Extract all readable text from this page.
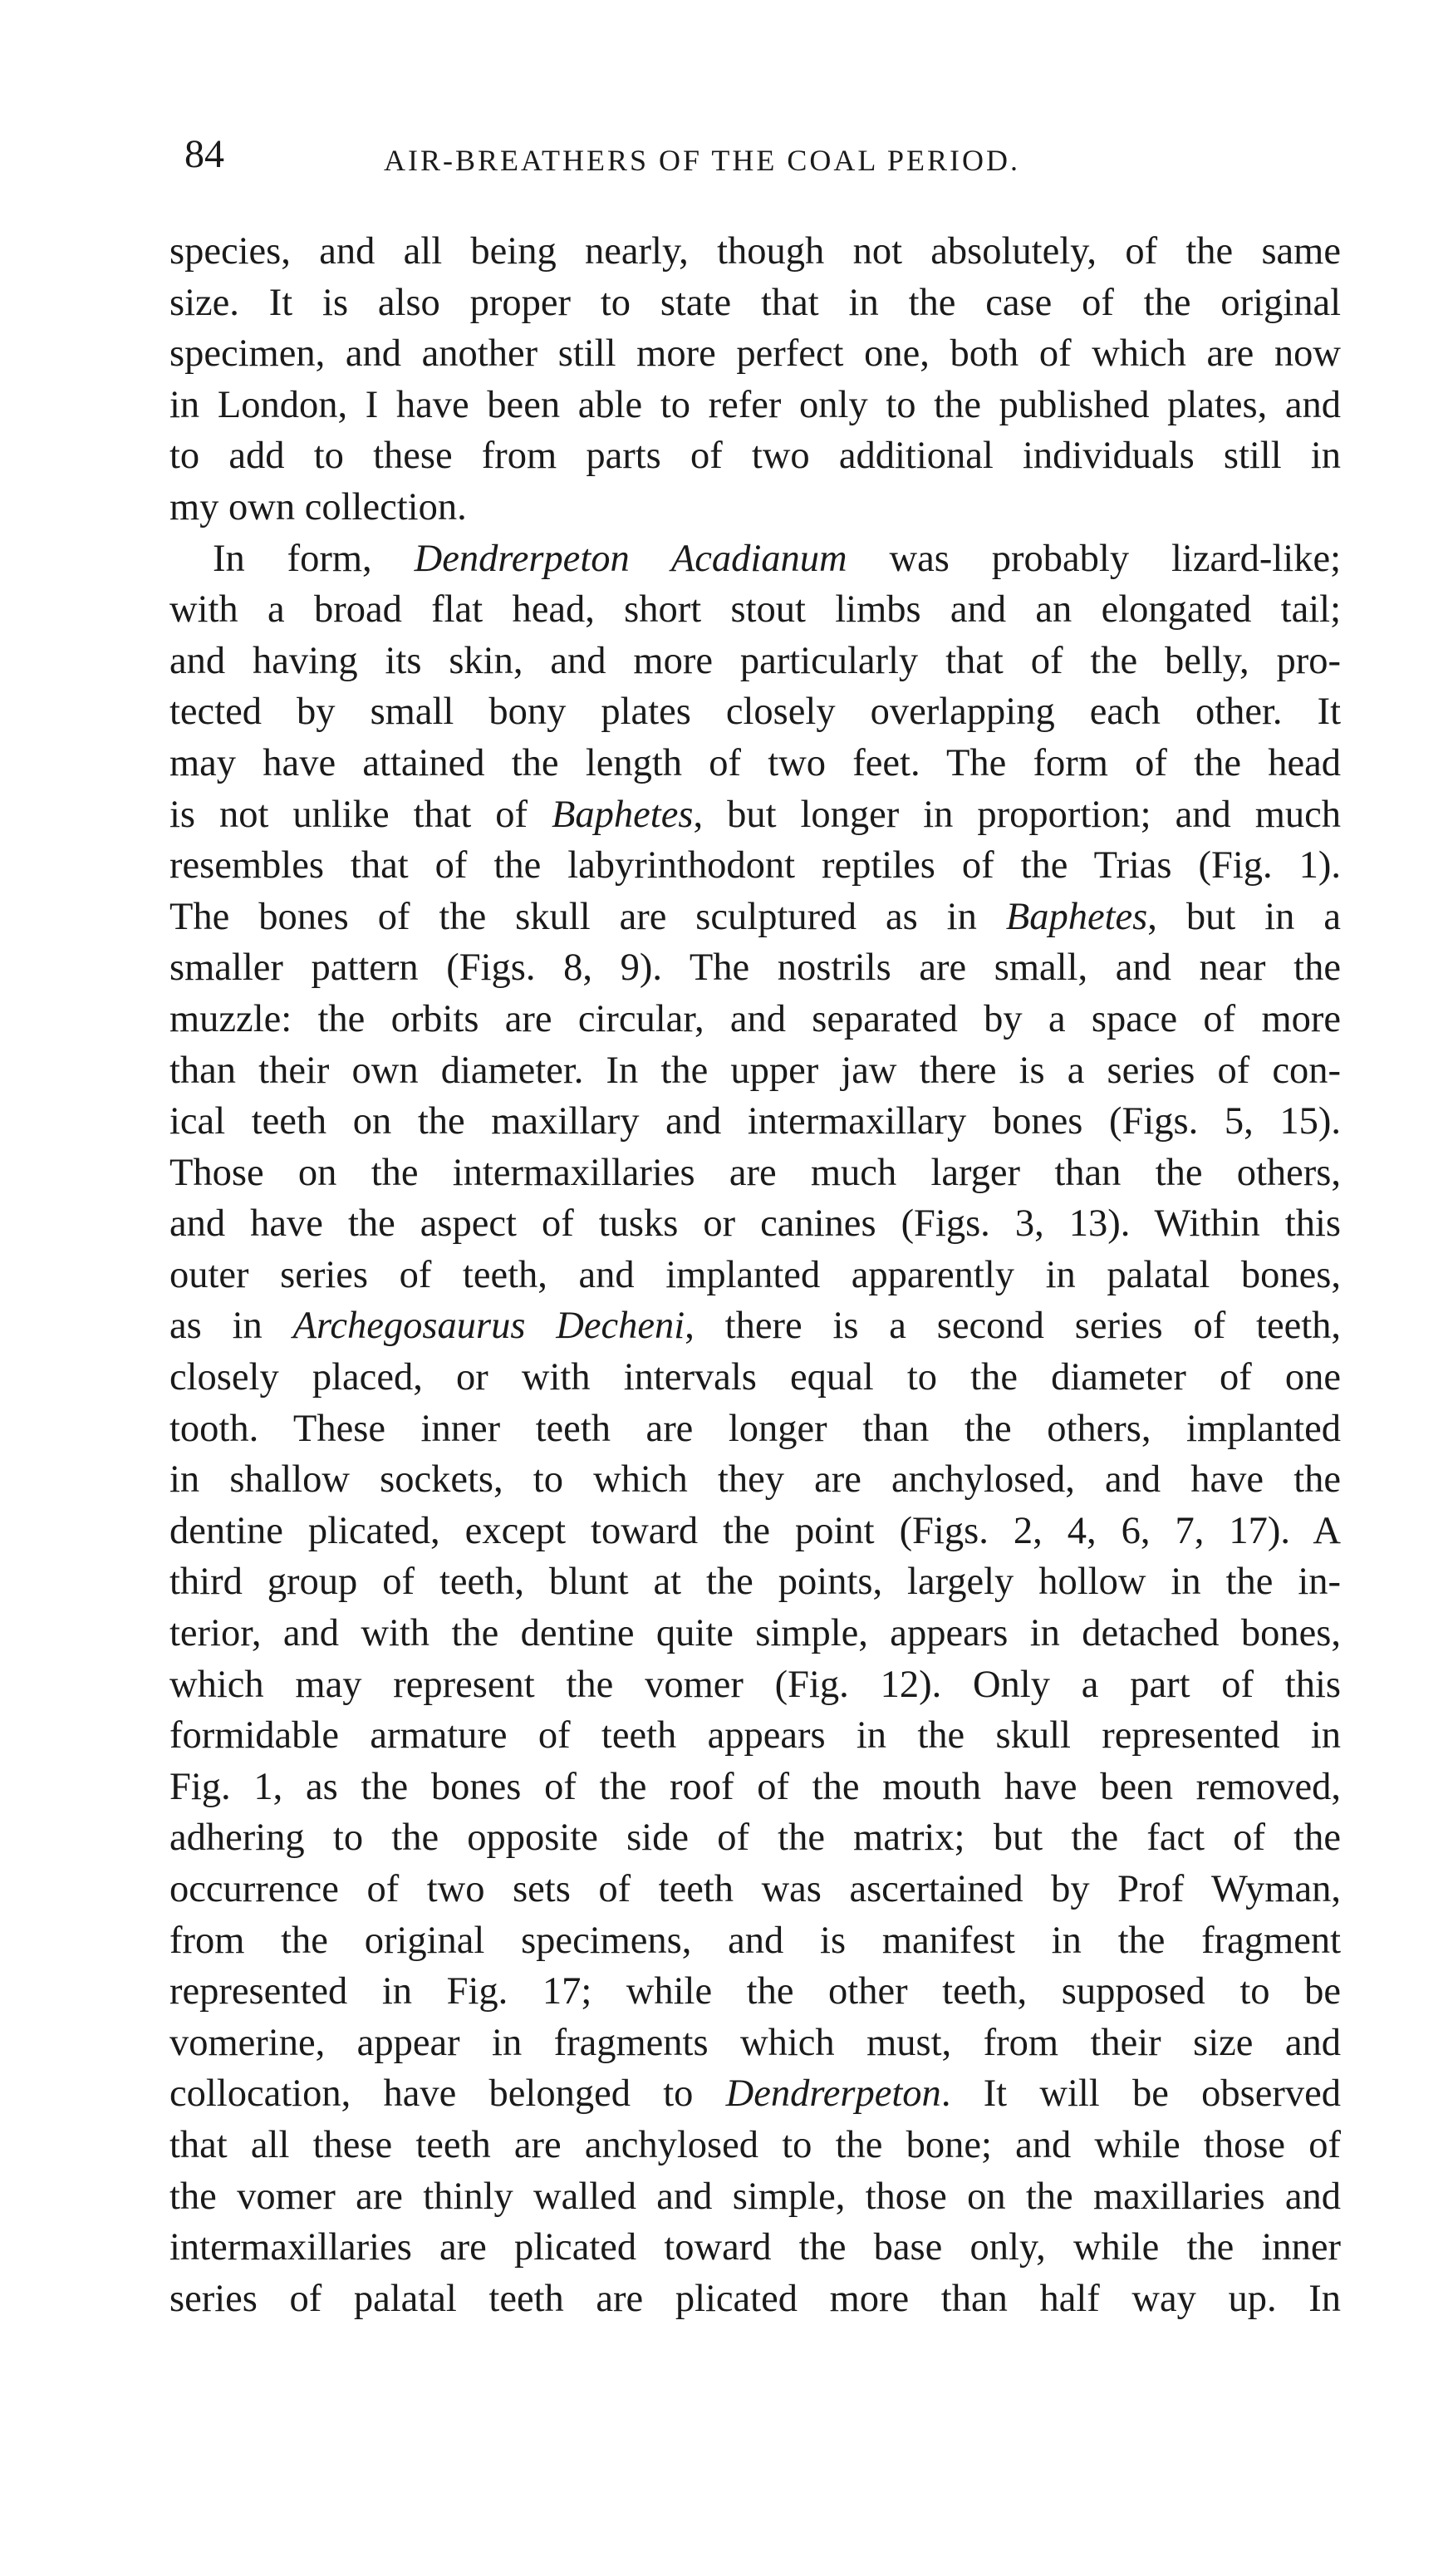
84	AIR-BREATHERS OF THE COAL PERIOD.
species, and all being nearly, though not absolutely, of the same
size. It is also proper to state that in the case of the original
specimen, and another still more perfect one, both of which are now
in London, I have been able to refer only to the published plates, and
to add to these from parts of two additional individuals still in
my own collection.
In form, Dendrerpeton Acadianum was probably lizard-like;
with a broad flat head, short stout limbs and an elongated tail;
and having its skin, and more particularly that of the belly, pro-
tected by small bony plates closely overlapping each other. It
may have attained the length of two feet. The form of the head
is not unlike that of Baphetes, but longer in proportion; and much
resembles that of the labyrinthodont reptiles of the Trias (Fig. 1).
The bones of the skull are sculptured as in Baphetes, but in a
smaller pattern (Figs. 8, 9). The nostrils are small, and near the
muzzle: the orbits are circular, and separated by a space of more
than their own diameter. In the upper jaw there is a series of con-
ical teeth on the maxillary and intermaxillary bones (Figs. 5, 15).
Those on the intermaxillaries are much larger than the others,
and have the aspect of tusks or canines (Figs. 3, 13). Within this
outer series of teeth, and implanted apparently in palatal bones,
as in Archegosaurus Decheni, there is a second series of teeth,
closely placed, or with intervals equal to the diameter of one
tooth. These inner teeth are longer than the others, implanted
in shallow sockets, to which they are anchylosed, and have the
dentine plicated, except toward the point (Figs. 2, 4, 6, 7, 17). A
third group of teeth, blunt at the points, largely hollow in the in-
terior, and with the dentine quite simple, appears in detached bones,
which may represent the vomer (Fig. 12). Only a part of this
formidable armature of teeth appears in the skull represented in
Fig. 1, as the bones of the roof of the mouth have been removed,
adhering to the opposite side of the matrix; but the fact of the
occurrence of two sets of teeth was ascertained by Prof Wyman,
from the original specimens, and is manifest in the fragment
represented in Fig. 17; while the other teeth, supposed to be
vomerine, appear in fragments which must, from their size and
collocation, have belonged to Dendrerpeton. It will be observed
that all these teeth are anchylosed to the bone; and while those of
the vomer are thinly walled and simple, those on the maxillaries and
intermaxillaries are plicated toward the base only, while the inner
series of palatal teeth are plicated more than half way up. In
